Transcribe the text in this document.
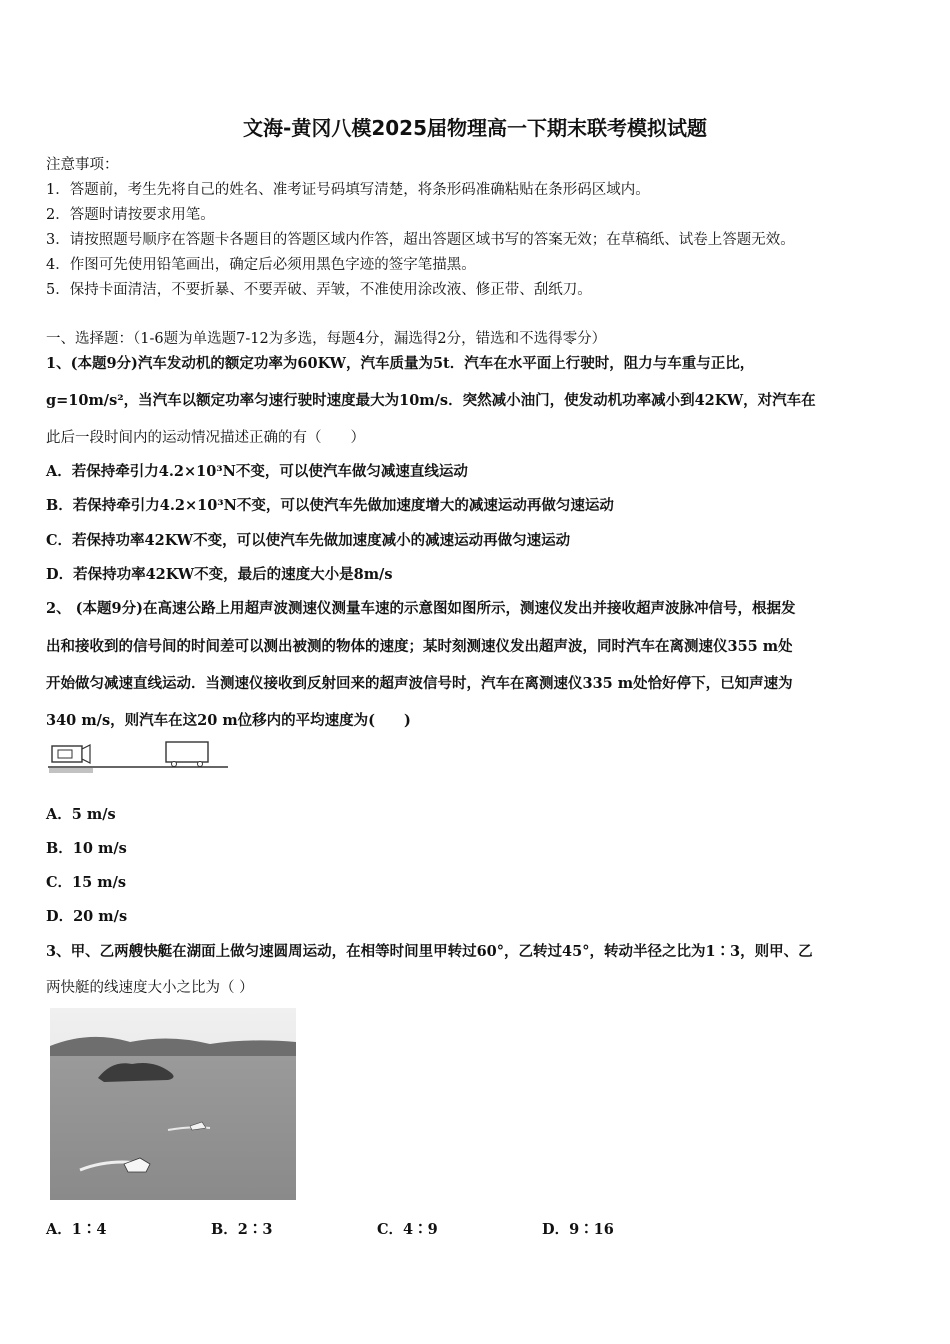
文海-黄冈八模2025届物理高一下期末联考模拟试题
注意事项：
1．答题前，考生先将自己的姓名、准考证号码填写清楚，将条形码准确粘贴在条形码区域内。
2．答题时请按要求用笔。
3．请按照题号顺序在答题卡各题目的答题区域内作答，超出答题区域书写的答案无效；在草稿纸、试卷上答题无效。
4．作图可先使用铅笔画出，确定后必须用黑色字迹的签字笔描黑。
5．保持卡面清洁，不要折暴、不要弄破、弄皱，不准使用涂改液、修正带、刮纸刀。
一、选择题：（1-6题为单选题7-12为多选，每题4分，漏选得2分，错选和不选得零分）
1、(本题9分)汽车发动机的额定功率为60KW，汽车质量为5t．汽车在水平面上行驶时，阻力与车重与正比，
g=10m/s²，当汽车以额定功率匀速行驶时速度最大为10m/s．突然减小油门，使发动机功率减小到42KW，对汽车在
此后一段时间内的运动情况描述正确的有（　　）
A．若保持牵引力4.2×10³N不变，可以使汽车做匀减速直线运动
B．若保持牵引力4.2×10³N不变，可以使汽车先做加速度增大的减速运动再做匀速运动
C．若保持功率42KW不变，可以使汽车先做加速度减小的减速运动再做匀速运动
D．若保持功率42KW不变，最后的速度大小是8m/s
2、 (本题9分)在高速公路上用超声波测速仪测量车速的示意图如图所示，测速仪发出并接收超声波脉冲信号，根据发
出和接收到的信号间的时间差可以测出被测的物体的速度；某时刻测速仪发出超声波，同时汽车在离测速仪355 m处
开始做匀减速直线运动．当测速仪接收到反射回来的超声波信号时，汽车在离测速仪335 m处恰好停下，已知声速为
340 m/s，则汽车在这20 m位移内的平均速度为(　　)
A．5 m/s
B．10 m/s
C．15 m/s
D．20 m/s
3、甲、乙两艘快艇在湖面上做匀速圆周运动，在相等时间里甲转过60°，乙转过45°，转动半径之比为1∶3，则甲、乙
两快艇的线速度大小之比为（ ）
A．1∶4	B．2∶3	C．4∶9	D．9∶16
